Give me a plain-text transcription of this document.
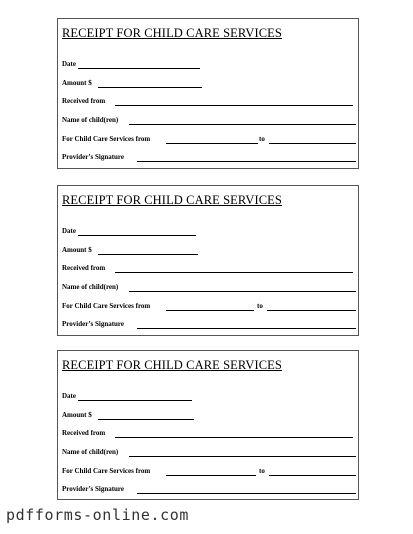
RECEIPT FOR CHILD CARE SERVICES
Date
Amount $
Received from
Name of child(ren)
For Child Care Services from	to
Provider’s Signature
RECEIPT FOR CHILD CARE SERVICES
Date
Amount $
Received from
Name of child(ren)
For Child Care Services from	to
Provider’s Signature
RECEIPT FOR CHILD CARE SERVICES
Date
Amount $
Received from
Name of child(ren)
For Child Care Services from	to
Provider’s Signature
pdfforms-online.com
